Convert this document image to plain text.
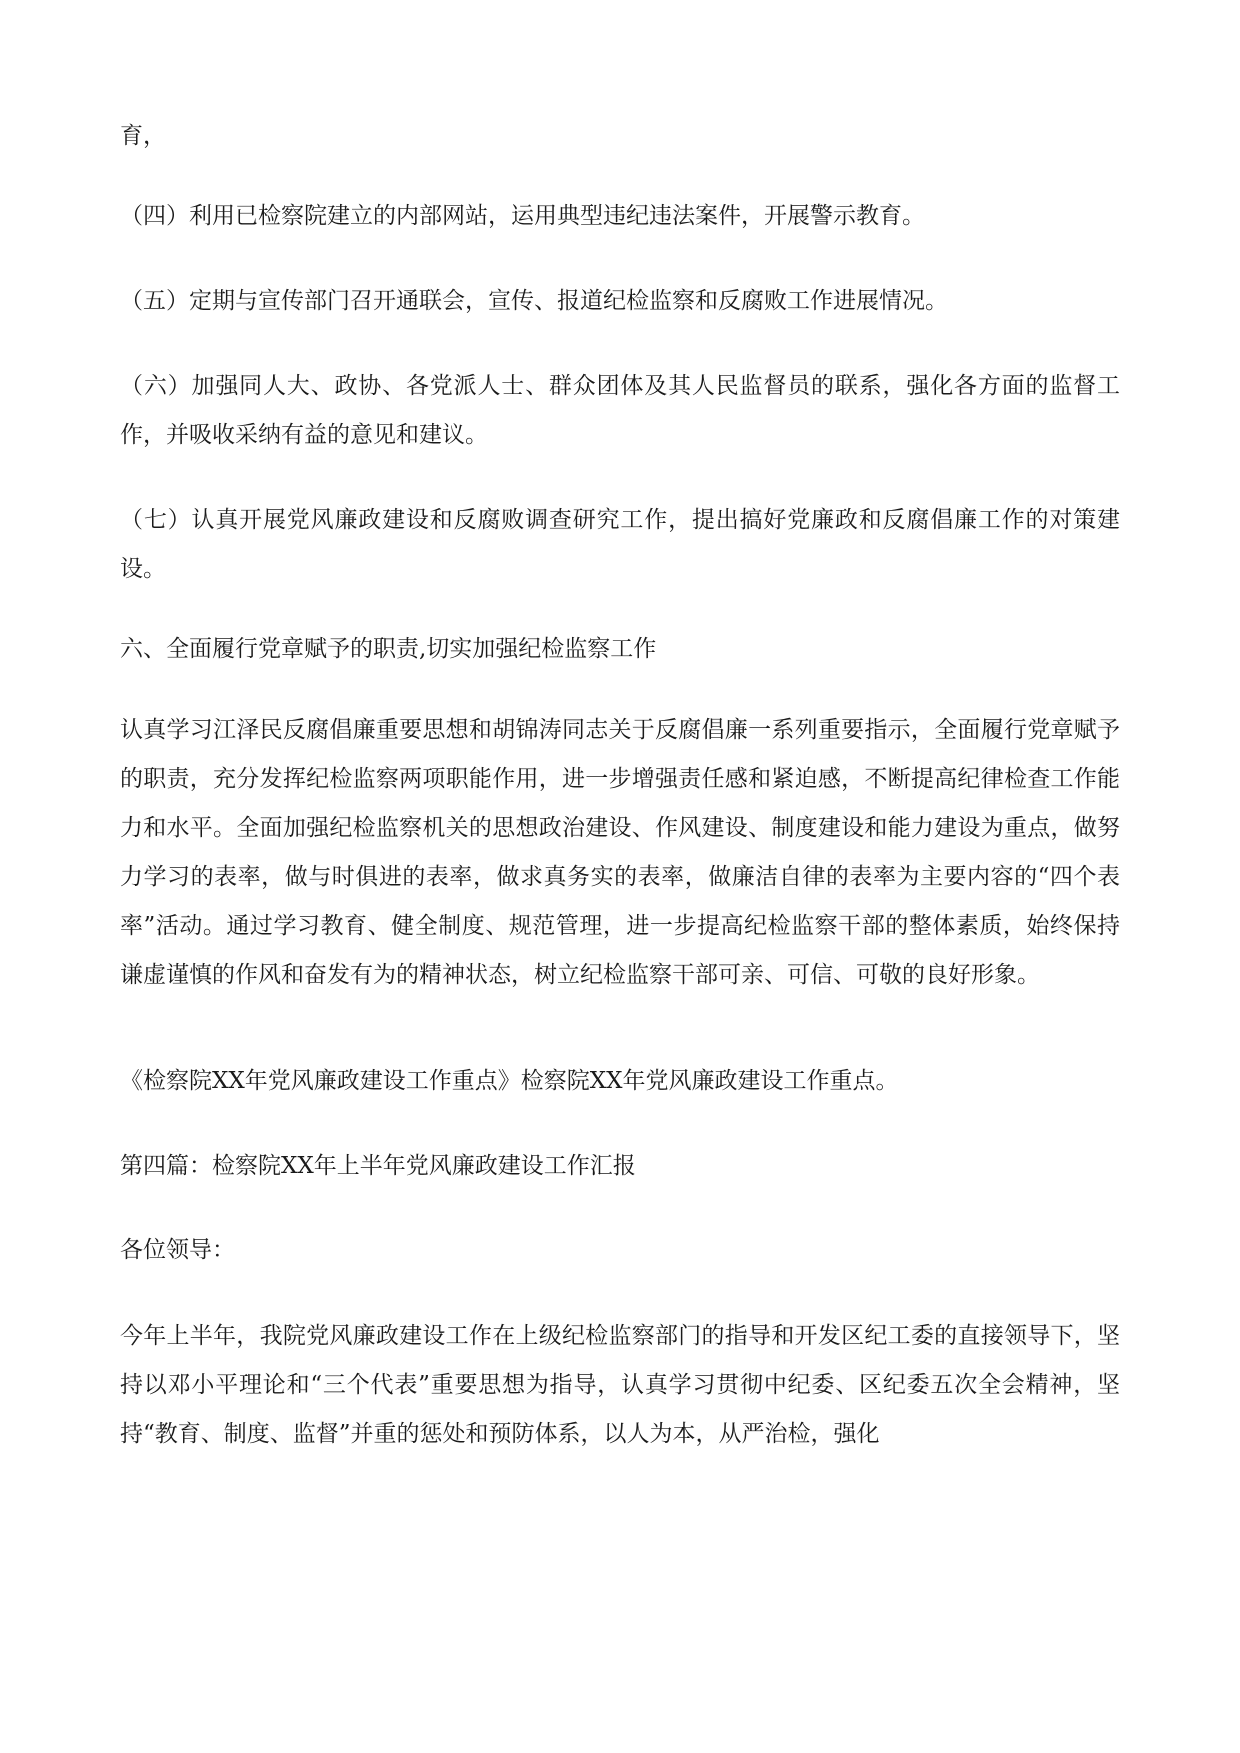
育，

（四）利用已检察院建立的内部网站，运用典型违纪违法案件，开展警示教育。

（五）定期与宣传部门召开通联会，宣传、报道纪检监察和反腐败工作进展情况。

（六）加强同人大、政协、各党派人士、群众团体及其人民监督员的联系，强化各方面的监督工作，并吸收采纳有益的意见和建议。

（七）认真开展党风廉政建设和反腐败调查研究工作，提出搞好党廉政和反腐倡廉工作的对策建设。

六、全面履行党章赋予的职责,切实加强纪检监察工作

认真学习江泽民反腐倡廉重要思想和胡锦涛同志关于反腐倡廉一系列重要指示，全面履行党章赋予的职责，充分发挥纪检监察两项职能作用，进一步增强责任感和紧迫感，不断提高纪律检查工作能力和水平。全面加强纪检监察机关的思想政治建设、作风建设、制度建设和能力建设为重点，做努力学习的表率，做与时俱进的表率，做求真务实的表率，做廉洁自律的表率为主要内容的“四个表率”活动。通过学习教育、健全制度、规范管理，进一步提高纪检监察干部的整体素质，始终保持谦虚谨慎的作风和奋发有为的精神状态，树立纪检监察干部可亲、可信、可敬的良好形象。

《检察院XX年党风廉政建设工作重点》检察院XX年党风廉政建设工作重点。

第四篇：检察院XX年上半年党风廉政建设工作汇报

各位领导：

今年上半年，我院党风廉政建设工作在上级纪检监察部门的指导和开发区纪工委的直接领导下，坚持以邓小平理论和“三个代表”重要思想为指导，认真学习贯彻中纪委、区纪委五次全会精神，坚持“教育、制度、监督”并重的惩处和预防体系，以人为本，从严治检，强化
